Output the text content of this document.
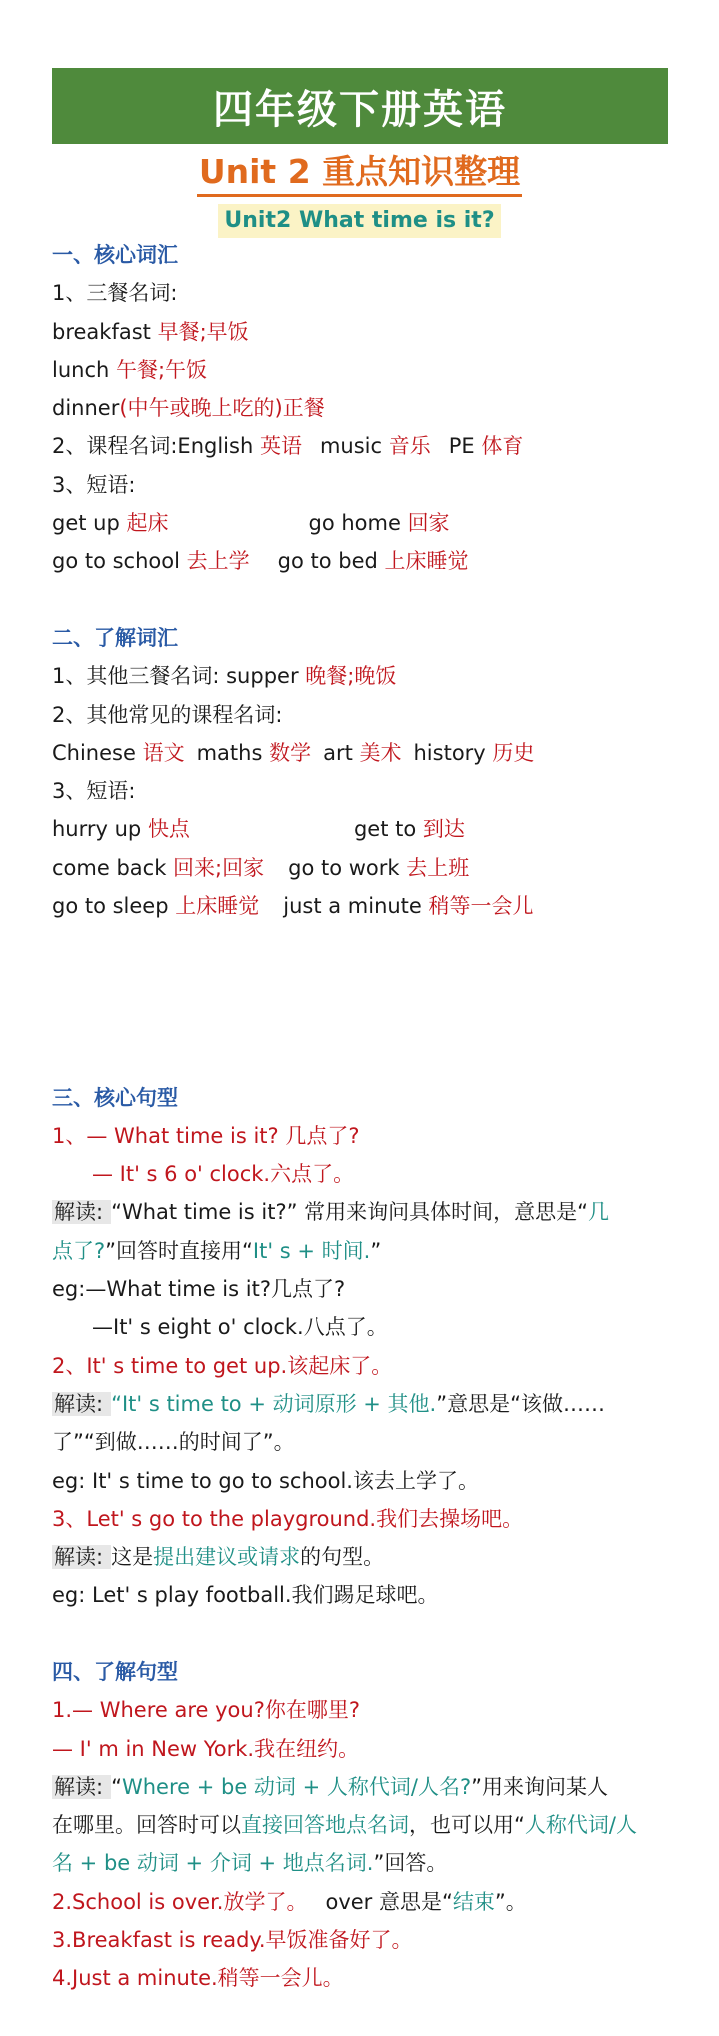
四年级下册英语
Unit 2 重点知识整理
Unit2 What time is it?
一、核心词汇
1、三餐名词:
breakfast 早餐;早饭
lunch 午餐;午饭
dinner(中午或晚上吃的)正餐
2、课程名词:English 英语 music 音乐 PE 体育
3、短语:
get up 起床	go home 回家
go to school 去上学 go to bed 上床睡觉
二、了解词汇
1、其他三餐名词: supper 晚餐;晚饭
2、其他常见的课程名词:
Chinese 语文 maths 数学 art 美术 history 历史
3、短语:
hurry up 快点	get to 到达
come back 回来;回家 go to work 去上班
go to sleep 上床睡觉 just a minute 稍等一会儿
三、核心句型
1、— What time is it? 几点了?
— It' s 6 o' clock.六点了。
解读: “What time is it?” 常用来询问具体时间，意思是“几
点了?”回答时直接用“It' s + 时间.”
eg:—What time is it?几点了?
—It' s eight o' clock.八点了。
2、It' s time to get up.该起床了。
解读: “It' s time to + 动词原形 + 其他.”意思是“该做……
了”“到做……的时间了”。
eg: It' s time to go to school.该去上学了。
3、Let' s go to the playground.我们去操场吧。
解读: 这是提出建议或请求的句型。
eg: Let' s play football.我们踢足球吧。
四、了解句型
1.— Where are you?你在哪里?
— I' m in New York.我在纽约。
解读: “Where + be 动词 + 人称代词/人名?”用来询问某人
在哪里。回答时可以直接回答地点名词，也可以用“人称代词/人
名 + be 动词 + 介词 + 地点名词.”回答。
2.School is over.放学了。 over 意思是“结束”。
3.Breakfast is ready.早饭准备好了。
4.Just a minute.稍等一会儿。
